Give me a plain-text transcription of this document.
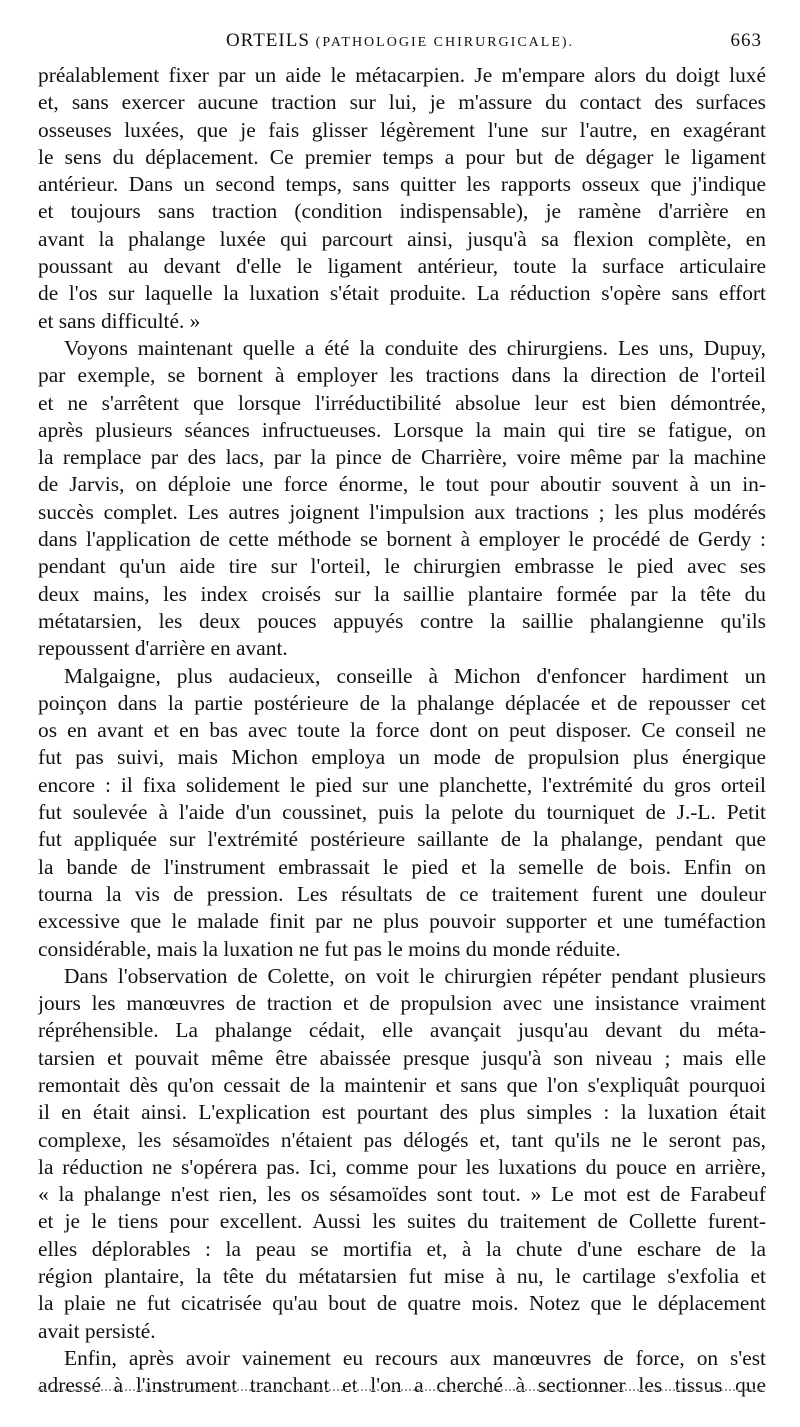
ORTEILS (PATHOLOGIE CHIRURGICALE).	663
préalablement fixer par un aide le métacarpien. Je m'empare alors du doigt luxé
et, sans exercer aucune traction sur lui, je m'assure du contact des surfaces
osseuses luxées, que je fais glisser légèrement l'une sur l'autre, en exagérant
le sens du déplacement. Ce premier temps a pour but de dégager le ligament
antérieur. Dans un second temps, sans quitter les rapports osseux que j'indique
et toujours sans traction (condition indispensable), je ramène d'arrière en
avant la phalange luxée qui parcourt ainsi, jusqu'à sa flexion complète, en
poussant au devant d'elle le ligament antérieur, toute la surface articulaire
de l'os sur laquelle la luxation s'était produite. La réduction s'opère sans effort
et sans difficulté. »
Voyons maintenant quelle a été la conduite des chirurgiens. Les uns, Dupuy,
par exemple, se bornent à employer les tractions dans la direction de l'orteil
et ne s'arrêtent que lorsque l'irréductibilité absolue leur est bien démontrée,
après plusieurs séances infructueuses. Lorsque la main qui tire se fatigue, on
la remplace par des lacs, par la pince de Charrière, voire même par la machine
de Jarvis, on déploie une force énorme, le tout pour aboutir souvent à un in-
succès complet. Les autres joignent l'impulsion aux tractions ; les plus modérés
dans l'application de cette méthode se bornent à employer le procédé de Gerdy :
pendant qu'un aide tire sur l'orteil, le chirurgien embrasse le pied avec ses
deux mains, les index croisés sur la saillie plantaire formée par la tête du
métatarsien, les deux pouces appuyés contre la saillie phalangienne qu'ils
repoussent d'arrière en avant.
Malgaigne, plus audacieux, conseille à Michon d'enfoncer hardiment un
poinçon dans la partie postérieure de la phalange déplacée et de repousser cet
os en avant et en bas avec toute la force dont on peut disposer. Ce conseil ne
fut pas suivi, mais Michon employa un mode de propulsion plus énergique
encore : il fixa solidement le pied sur une planchette, l'extrémité du gros orteil
fut soulevée à l'aide d'un coussinet, puis la pelote du tourniquet de J.-L. Petit
fut appliquée sur l'extrémité postérieure saillante de la phalange, pendant que
la bande de l'instrument embrassait le pied et la semelle de bois. Enfin on
tourna la vis de pression. Les résultats de ce traitement furent une douleur
excessive que le malade finit par ne plus pouvoir supporter et une tuméfaction
considérable, mais la luxation ne fut pas le moins du monde réduite.
Dans l'observation de Colette, on voit le chirurgien répéter pendant plusieurs
jours les manœuvres de traction et de propulsion avec une insistance vraiment
répréhensible. La phalange cédait, elle avançait jusqu'au devant du méta-
tarsien et pouvait même être abaissée presque jusqu'à son niveau ; mais elle
remontait dès qu'on cessait de la maintenir et sans que l'on s'expliquât pourquoi
il en était ainsi. L'explication est pourtant des plus simples : la luxation était
complexe, les sésamoïdes n'étaient pas délogés et, tant qu'ils ne le seront pas,
la réduction ne s'opérera pas. Ici, comme pour les luxations du pouce en arrière,
« la phalange n'est rien, les os sésamoïdes sont tout. » Le mot est de Farabeuf
et je le tiens pour excellent. Aussi les suites du traitement de Collette furent-
elles déplorables : la peau se mortifia et, à la chute d'une eschare de la
région plantaire, la tête du métatarsien fut mise à nu, le cartilage s'exfolia et
la plaie ne fut cicatrisée qu'au bout de quatre mois. Notez que le déplacement
avait persisté.
Enfin, après avoir vainement eu recours aux manœuvres de force, on s'est
adressé à l'instrument tranchant et l'on a cherché à sectionner les tissus que
